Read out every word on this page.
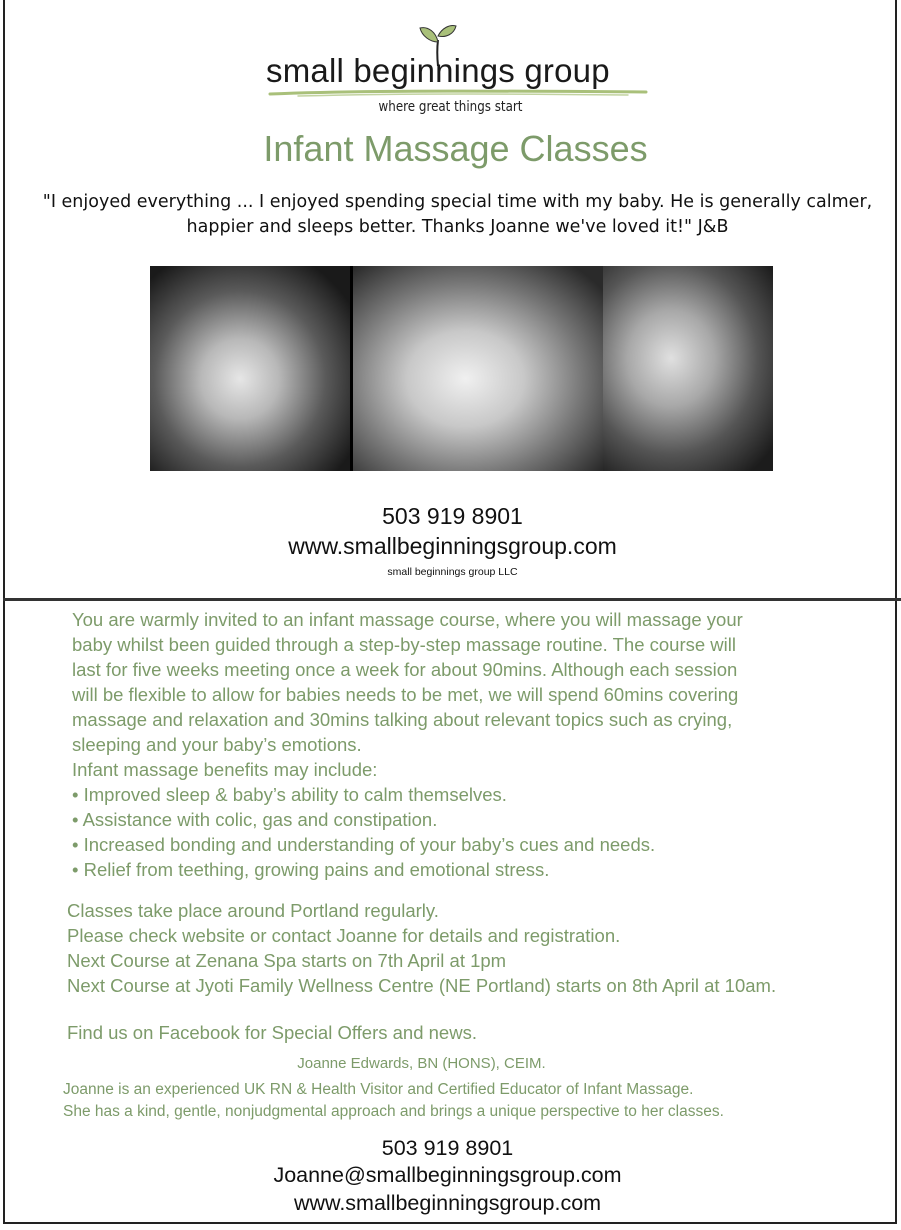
small beginnings group
where great things start
Infant Massage Classes
"I enjoyed everything ... I enjoyed spending special time with my baby. He is generally calmer, happier and sleeps better. Thanks Joanne we've loved it!" J&B
503 919 8901
www.smallbeginningsgroup.com
small beginnings group LLC
You are warmly invited to an infant massage course, where you will massage your
baby whilst been guided through a step-by-step massage routine. The course will
last for five weeks meeting once a week for about 90mins. Although each session
will be flexible to allow for babies needs to be met, we will spend 60mins covering
massage and relaxation and 30mins talking about relevant topics such as crying,
sleeping and your baby’s emotions.
Infant massage benefits may include:
• Improved sleep & baby’s ability to calm themselves.
• Assistance with colic, gas and constipation.
• Increased bonding and understanding of your baby’s cues and needs.
• Relief from teething, growing pains and emotional stress.
Classes take place around Portland regularly.
Please check website or contact Joanne for details and registration.
Next Course at Zenana Spa starts on 7th April at 1pm
Next Course at Jyoti Family Wellness Centre (NE Portland) starts on 8th April at 10am.
Find us on Facebook for Special Offers and news.
Joanne Edwards, BN (HONS), CEIM.
Joanne is an experienced UK RN & Health Visitor and Certified Educator of Infant Massage.
She has a kind, gentle, nonjudgmental approach and brings a unique perspective to her classes.
503 919 8901
Joanne@smallbeginningsgroup.com
www.smallbeginningsgroup.com
